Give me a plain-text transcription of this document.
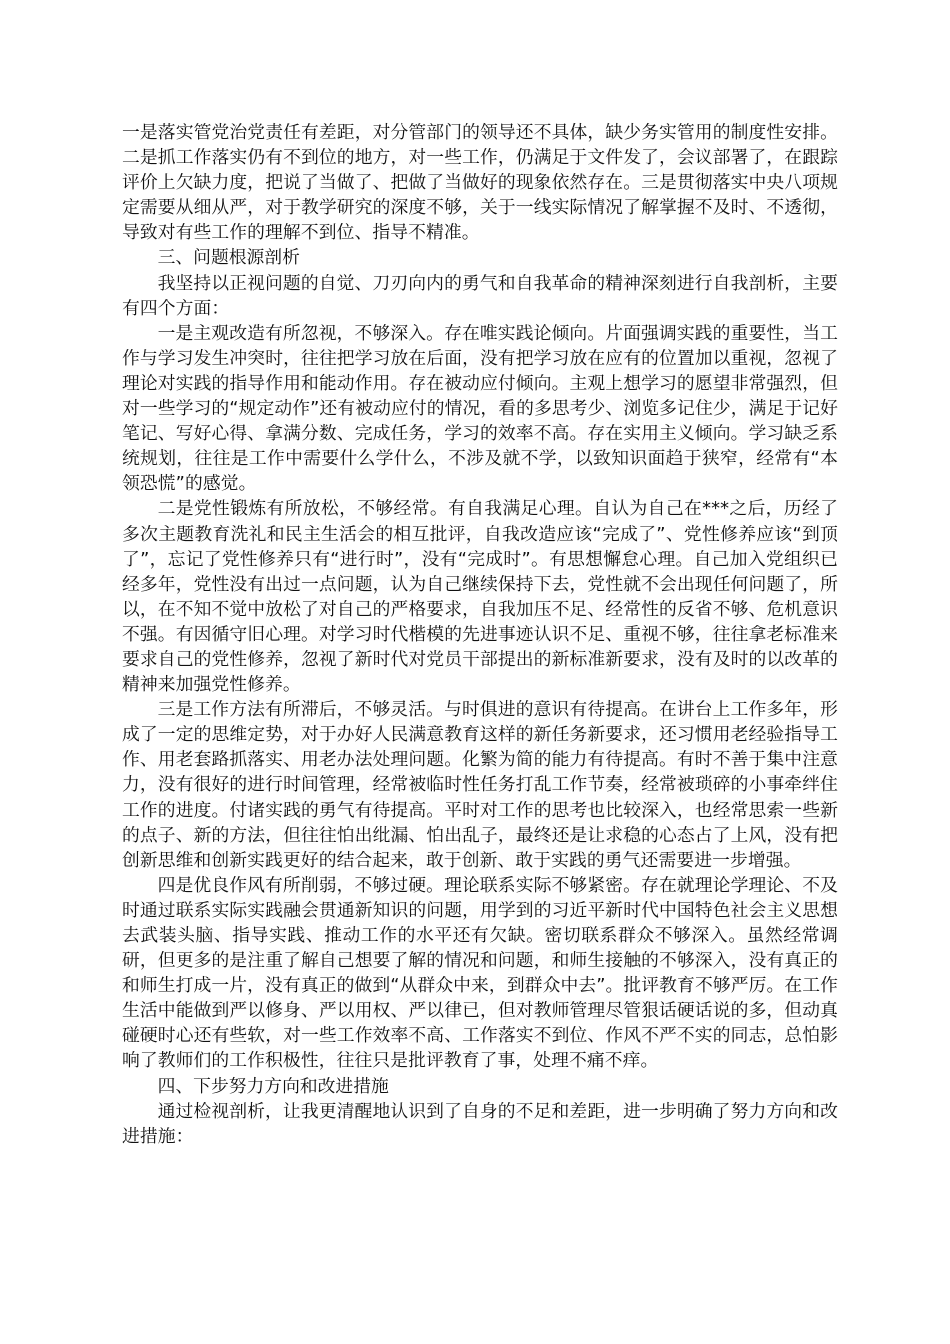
一是落实管党治党责任有差距，对分管部门的领导还不具体，缺少务实管用的制度性安排。二是抓工作落实仍有不到位的地方，对一些工作，仍满足于文件发了，会议部署了，在跟踪评价上欠缺力度，把说了当做了、把做了当做好的现象依然存在。三是贯彻落实中央八项规定需要从细从严，对于教学研究的深度不够，关于一线实际情况了解掌握不及时、不透彻，导致对有些工作的理解不到位、指导不精准。

三、问题根源剖析

我坚持以正视问题的自觉、刀刃向内的勇气和自我革命的精神深刻进行自我剖析，主要有四个方面：

一是主观改造有所忽视，不够深入。存在唯实践论倾向。片面强调实践的重要性，当工作与学习发生冲突时，往往把学习放在后面，没有把学习放在应有的位置加以重视，忽视了理论对实践的指导作用和能动作用。存在被动应付倾向。主观上想学习的愿望非常强烈，但对一些学习的“规定动作”还有被动应付的情况，看的多思考少、浏览多记住少，满足于记好笔记、写好心得、拿满分数、完成任务，学习的效率不高。存在实用主义倾向。学习缺乏系统规划，往往是工作中需要什么学什么，不涉及就不学，以致知识面趋于狭窄，经常有“本领恐慌”的感觉。

二是党性锻炼有所放松，不够经常。有自我满足心理。自认为自己在***之后，历经了多次主题教育洗礼和民主生活会的相互批评，自我改造应该“完成了”、党性修养应该“到顶了”，忘记了党性修养只有“进行时”，没有“完成时”。有思想懈怠心理。自己加入党组织已经多年，党性没有出过一点问题，认为自己继续保持下去，党性就不会出现任何问题了，所以，在不知不觉中放松了对自己的严格要求，自我加压不足、经常性的反省不够、危机意识不强。有因循守旧心理。对学习时代楷模的先进事迹认识不足、重视不够，往往拿老标准来要求自己的党性修养，忽视了新时代对党员干部提出的新标准新要求，没有及时的以改革的精神来加强党性修养。

三是工作方法有所滞后，不够灵活。与时俱进的意识有待提高。在讲台上工作多年，形成了一定的思维定势，对于办好人民满意教育这样的新任务新要求，还习惯用老经验指导工作、用老套路抓落实、用老办法处理问题。化繁为简的能力有待提高。有时不善于集中注意力，没有很好的进行时间管理，经常被临时性任务打乱工作节奏，经常被琐碎的小事牵绊住工作的进度。付诸实践的勇气有待提高。平时对工作的思考也比较深入，也经常思索一些新的点子、新的方法，但往往怕出纰漏、怕出乱子，最终还是让求稳的心态占了上风，没有把创新思维和创新实践更好的结合起来，敢于创新、敢于实践的勇气还需要进一步增强。

四是优良作风有所削弱，不够过硬。理论联系实际不够紧密。存在就理论学理论、不及时通过联系实际实践融会贯通新知识的问题，用学到的习近平新时代中国特色社会主义思想去武装头脑、指导实践、推动工作的水平还有欠缺。密切联系群众不够深入。虽然经常调研，但更多的是注重了解自己想要了解的情况和问题，和师生接触的不够深入，没有真正的和师生打成一片，没有真正的做到“从群众中来，到群众中去”。批评教育不够严厉。在工作生活中能做到严以修身、严以用权、严以律已，但对教师管理尽管狠话硬话说的多，但动真碰硬时心还有些软，对一些工作效率不高、工作落实不到位、作风不严不实的同志，总怕影响了教师们的工作积极性，往往只是批评教育了事，处理不痛不痒。

四、下步努力方向和改进措施

通过检视剖析，让我更清醒地认识到了自身的不足和差距，进一步明确了努力方向和改进措施：
